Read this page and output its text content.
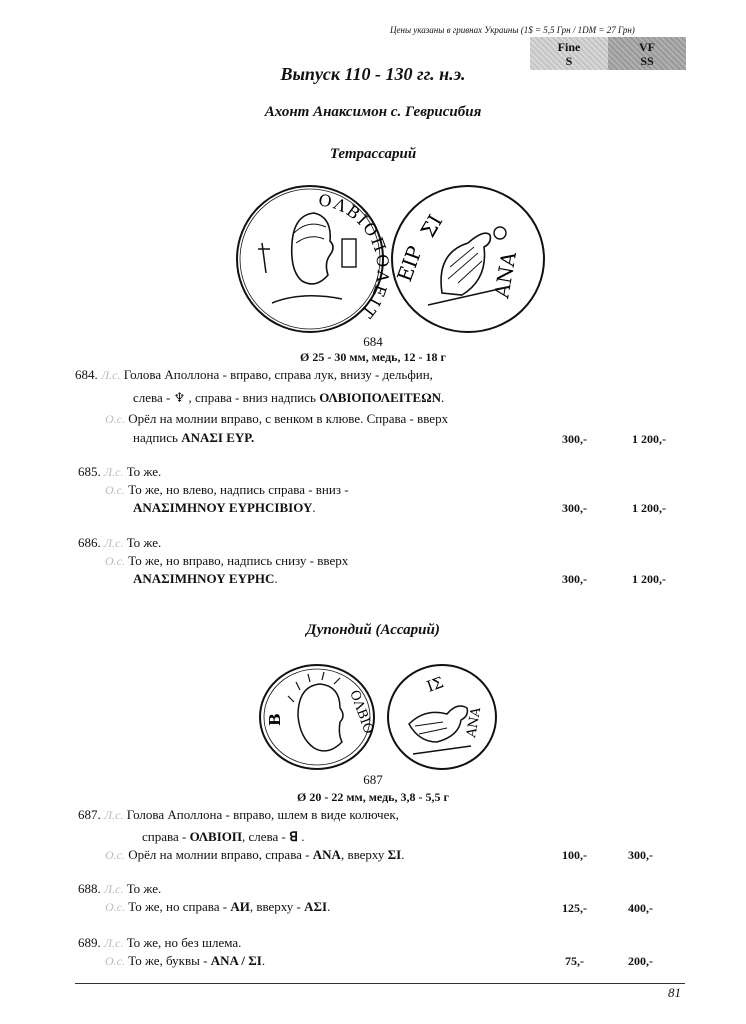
Цены указаны в гривнах Украины (1$ = 5,5 Грн / 1DM = 27 Грн)
Fine
S
VF
SS
Выпуск 110 - 130 гг. н.э.
Ахонт Анаксимон с. Геврисибия
Тетрассарий
ΟΛΒΙΟΠΟΛΕΙΤΕΩΝ
ΕΙΡ
ΣΙ
ΑΝΑ
684
Ø 25 - 30 мм, медь, 12 - 18 г
684. Л.с. Голова Аполлона - вправо, справа лук, внизу - дельфин,
слева - ♆ , справа - вниз надпись ΟΛΒΙΟΠΟΛΕΙΤΕΩΝ.
О.с. Орёл на молнии вправо, с венком в клюве. Справа - вверх
надпись ΑΝΑΣΙ ΕΥΡ.	300,-	1 200,-
685. Л.с. То же.
О.с. То же, но влево, надпись справа - вниз -
ΑΝΑΣΙΜΗΝΟΥ ΕΥΡΗCΙΒΙΟΥ.	300,-	1 200,-
686. Л.с. То же.
О.с. То же, но вправо, надпись снизу - вверх
ΑΝΑΣΙΜΗΝΟΥ ΕΥΡΗC.	300,-	1 200,-
Дупондий (Ассарий)
ΟΛΒΙΟ
B
IΣ
ΑΝΑ
687
Ø 20 - 22 мм, медь, 3,8 - 5,5 г
687. Л.с. Голова Аполлона - вправо, шлем в виде колючек,
справа - ΟΛΒΙΟΠ, слева - ꓭ .
О.с. Орёл на молнии вправо, справа - ΑΝΑ, вверху ΣΙ.	100,-	300,-
688. Л.с. То же.
О.с. То же, но справа - ΑИ, вверху - ΑΣΙ.	125,-	400,-
689. Л.с. То же, но без шлема.
О.с. То же, буквы - ΑΝΑ / ΣΙ.	75,-	200,-
81
